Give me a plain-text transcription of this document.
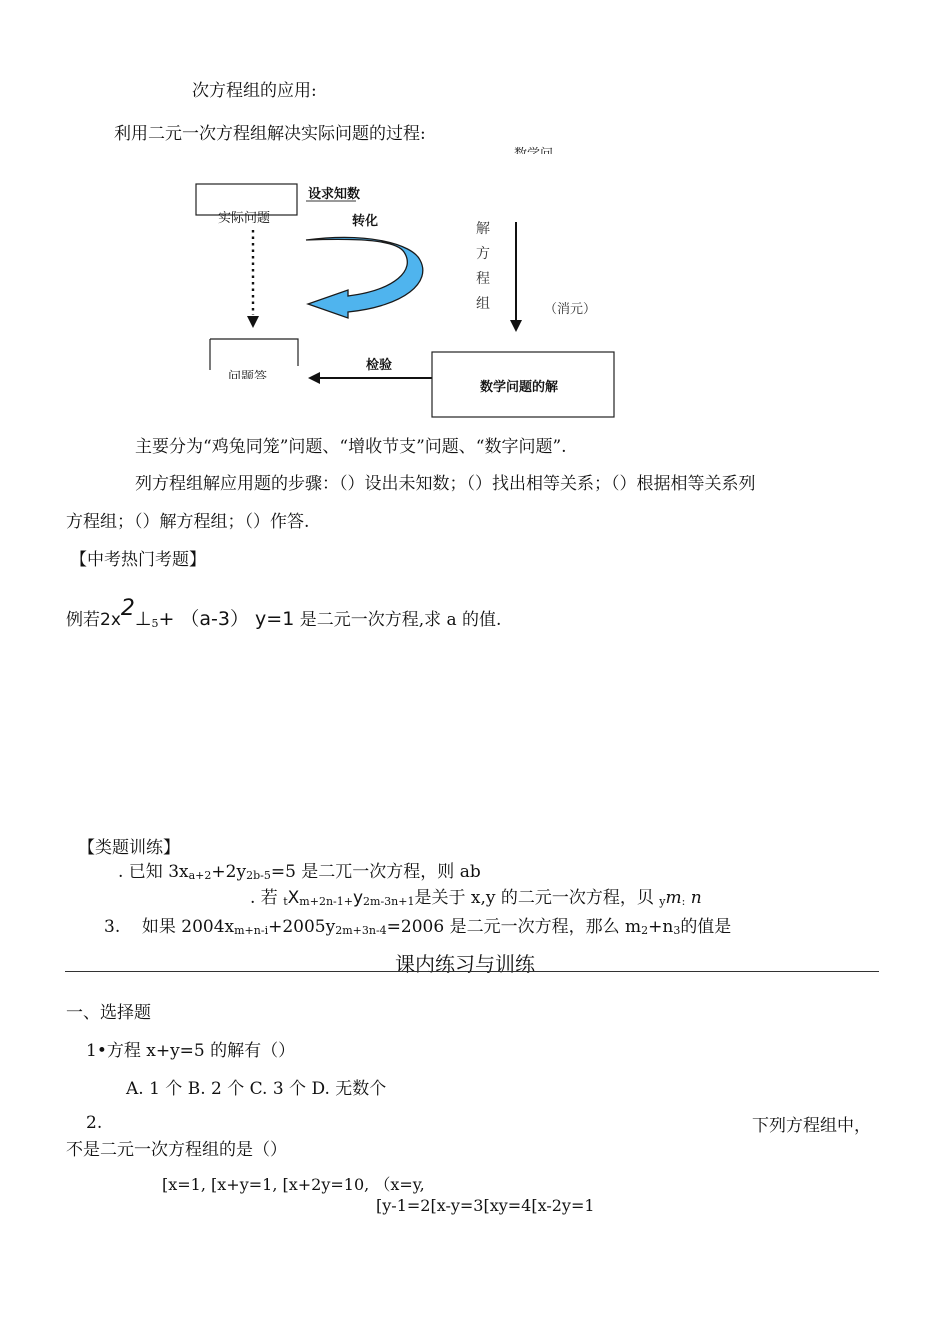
次方程组的应用:
利用二元一次方程组解决实际问题的过程:
数学问
实际问题
设求知数
转化	解
方
程
组	（消元）
问题答
检验
数学问题的解
主要分为“鸡兔同笼”问题、“增收节支”问题、“数字问题”.
列方程组解应用题的步骤：（）设出未知数；（）找出相等关系；（）根据相等关系列
方程组；（）解方程组；（）作答.
【中考热门考题】
例若2x2⊥5+ （a-3） y=1 是二元一次方程,求 a 的值.
【类题训练】
. 已知 3xa+2+2y2b-5=5 是二兀一次方程，则 ab
. 若 tXm+2n-1+y2m-3n+1是关于 x,y 的二元一次方程，贝 ym: n
3. 如果 2004xm+n-i+2005y2m+3n-4=2006 是二元一次方程，那么 m2+n3的值是
课内练习与训练
一、选择题
1•方程 x+y=5 的解有（）
A. 1 个 B. 2 个 C. 3 个 D. 无数个
2.	下列方程组中，
不是二元一次方程组的是（）
[x=1, [x+y=1, [x+2y=10, （x=y,
[y-1=2[x-y=3[xy=4[x-2y=1
